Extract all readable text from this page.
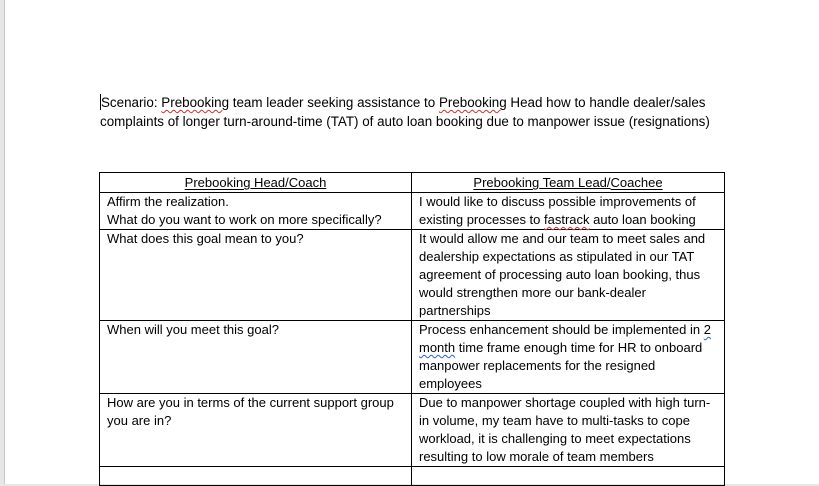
Scenario: Prebooking team leader seeking assistance to Prebooking Head how to handle dealer/sales complaints of longer turn-around-time (TAT) of auto loan booking due to manpower issue (resignations)
Prebooking Head/Coach	Prebooking Team Lead/Coachee

Affirm the realization.
What do you want to work on more specifically?	I would like to discuss possible improvements of existing processes to fastrack auto loan booking
What does this goal mean to you?	It would allow me and our team to meet sales and dealership expectations as stipulated in our TAT agreement of processing auto loan booking, thus would strengthen more our bank-dealer partnerships
When will you meet this goal?	Process enhancement should be implemented in 2 month time frame enough time for HR to onboard manpower replacements for the resigned employees
How are you in terms of the current support group you are in?	Due to manpower shortage coupled with high turn-in volume, my team have to multi-tasks to cope workload, it is challenging to meet expectations resulting to low morale of team members
